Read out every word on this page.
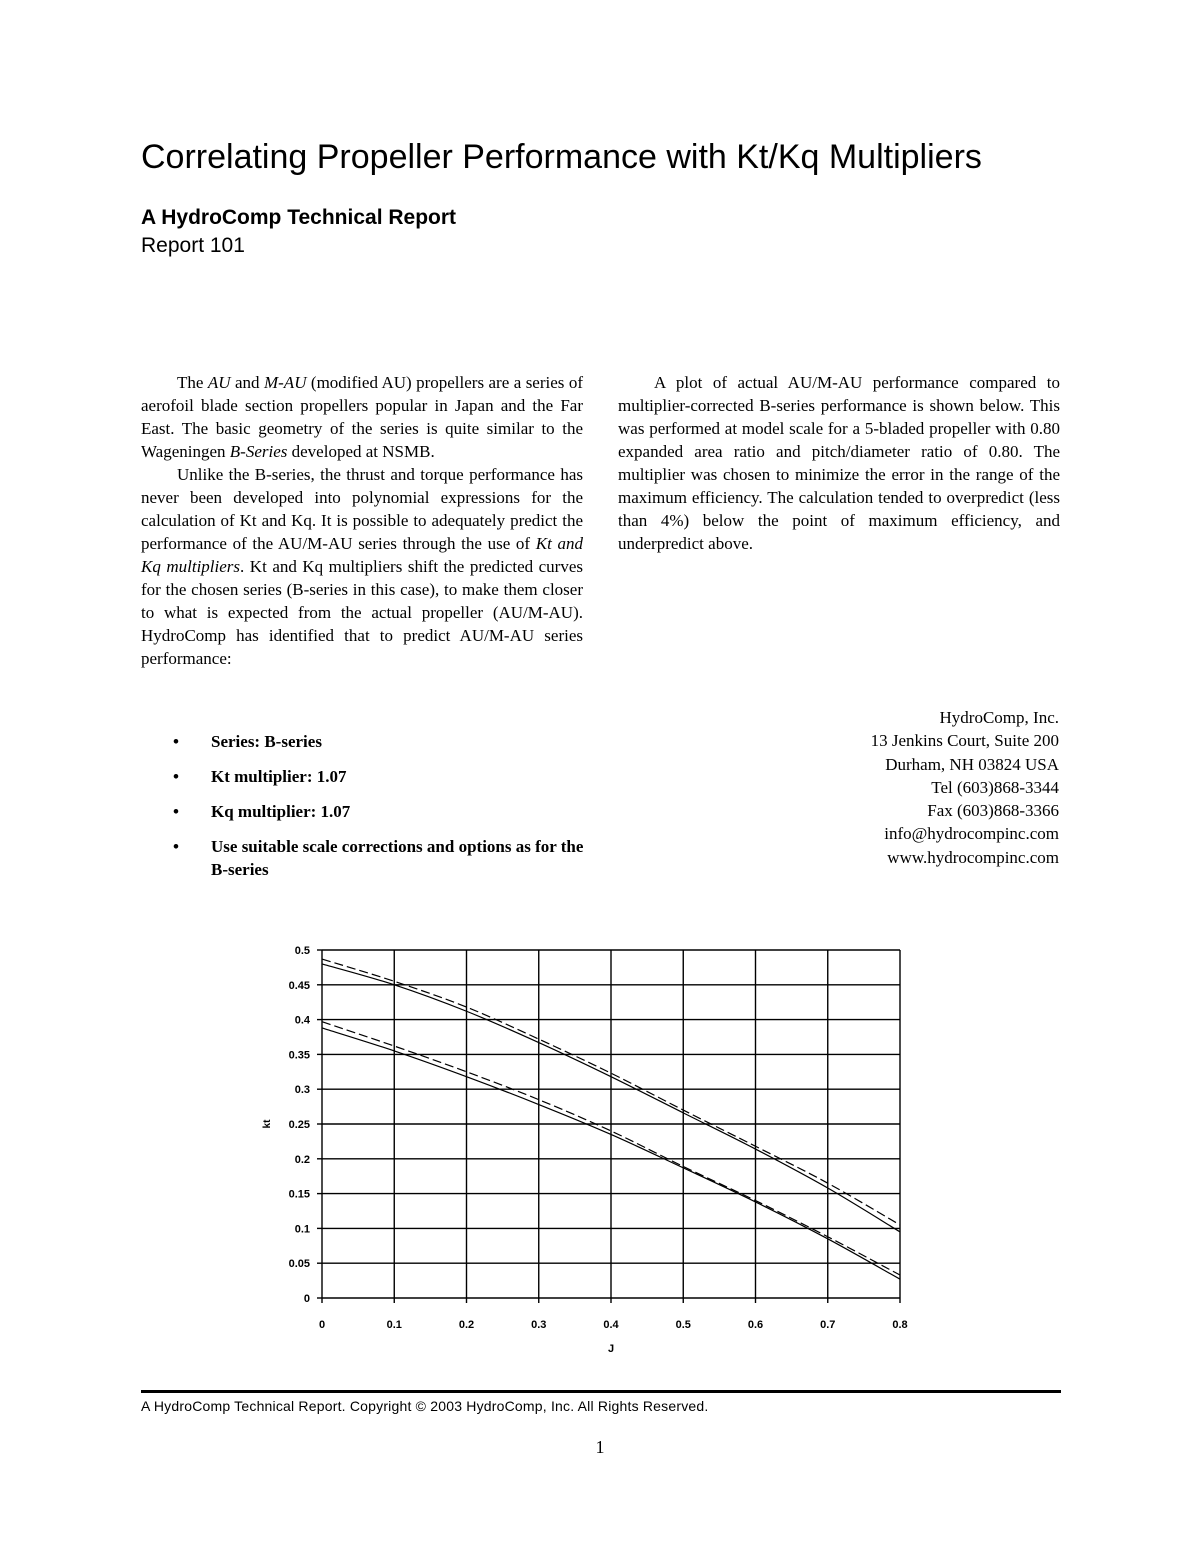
Correlating Propeller Performance with Kt/Kq Multipliers
A HydroComp Technical Report
Report 101

The AU and M-AU (modified AU) propellers are a series of aerofoil blade section propellers popular in Japan and the Far East. The basic geometry of the series is quite similar to the Wageningen B-Series developed at NSMB.

Unlike the B-series, the thrust and torque performance has never been developed into polynomial expressions for the calculation of Kt and Kq. It is possible to adequately predict the performance of the AU/M-AU series through the use of Kt and Kq multipliers. Kt and Kq multipliers shift the predicted curves for the chosen series (B-series in this case), to make them closer to what is expected from the actual propeller (AU/M-AU). HydroComp has identified that to predict AU/M-AU series performance:

• Series: B-series
• Kt multiplier: 1.07
• Kq multiplier: 1.07
• Use suitable scale corrections and options as for the B-series

A plot of actual AU/M-AU performance compared to multiplier-corrected B-series performance is shown below. This was performed at model scale for a 5-bladed propeller with 0.80 expanded area ratio and pitch/diameter ratio of 0.80. The multiplier was chosen to minimize the error in the range of the maximum efficiency. The calculation tended to overpredict (less than 4%) below the point of maximum efficiency, and underpredict above.

HydroComp, Inc.
13 Jenkins Court, Suite 200
Durham, NH 03824 USA
Tel (603)868-3344
Fax (603)868-3366
info@hydrocompinc.com
www.hydrocompinc.com
0
0.05
0.1
0.15
0.2
0.25
0.3
0.35
0.4
0.45
0.5
0	0.1	0.2	0.3	0.4	0.5	0.6	0.7	0.8
J
kt
A HydroComp Technical Report. Copyright © 2003 HydroComp, Inc. All Rights Reserved.
1
